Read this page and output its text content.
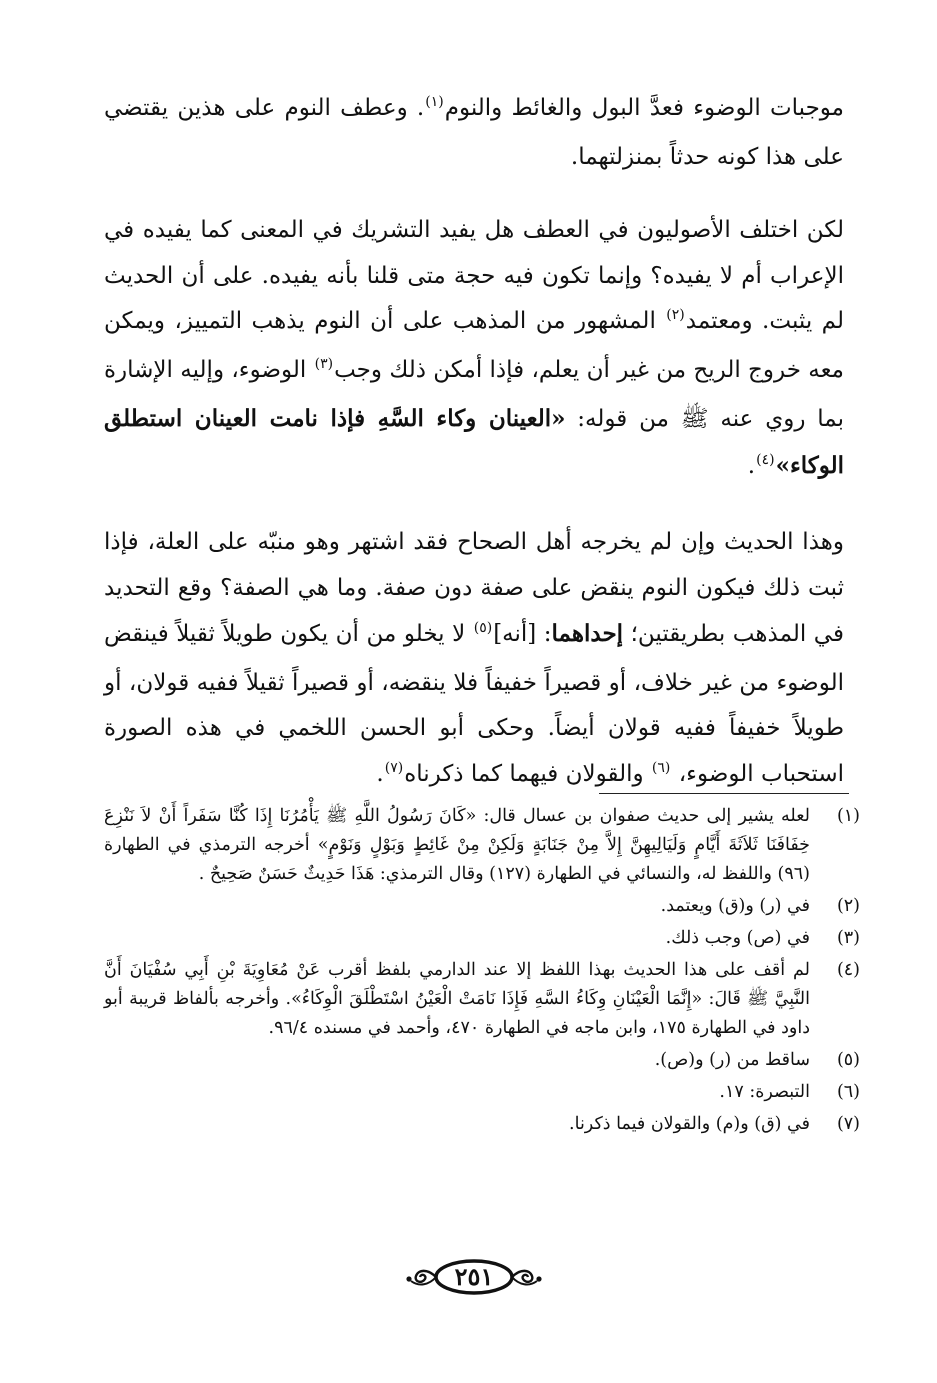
موجبات الوضوء فعدَّ البول والغائط والنوم$^{(١)}$. وعطف النوم على هذين يقتضي على هذا كونه حدثاً بمنزلتهما.

لكن اختلف الأصوليون في العطف هل يفيد التشريك في المعنى كما يفيده في الإعراب أم لا يفيده؟ وإنما تكون فيه حجة متى قلنا بأنه يفيده. على أن الحديث لم يثبت. ومعتمد$^{(٢)}$ المشهور من المذهب على أن النوم يذهب التمييز، ويمكن معه خروج الريح من غير أن يعلم، فإذا أمكن ذلك وجب$^{(٣)}$ الوضوء، وإليه الإشارة بما روي عنه ﷺ من قوله: «العينان وكاء السَّهِ فإذا نامت العينان استطلق الوكاء»$^{(٤)}$.

وهذا الحديث وإن لم يخرجه أهل الصحاح فقد اشتهر وهو منبّه على العلة، فإذا ثبت ذلك فيكون النوم ينقض على صفة دون صفة. وما هي الصفة؟ وقع التحديد في المذهب بطريقتين؛ إحداهما: [أنه]$^{(٥)}$ لا يخلو من أن يكون طويلاً ثقيلاً فينقض الوضوء من غير خلاف، أو قصيراً خفيفاً فلا ينقضه، أو قصيراً ثقيلاً ففيه قولان، أو طويلاً خفيفاً ففيه قولان أيضاً. وحكى أبو الحسن اللخمي في هذه الصورة استحباب الوضوء، $^{(٦)}$ والقولان فيهما كما ذكرناه$^{(٧)}$.

(١)
لعله يشير إلى حديث صفوان بن عسال قال: «كَانَ رَسُولُ اللَّهِ ﷺ يَأْمُرُنَا إِذَا كُنَّا سَفَراً أَنْ لاَ نَنْزِعَ خِفَافَنَا ثَلاَثَةَ أَيَّامٍ وَلَيَالِيهِنَّ إِلاَّ مِنْ جَنَابَةٍ وَلَكِنْ مِنْ غَائِطٍ وَبَوْلٍ وَنَوْمٍ» أخرجه الترمذي في الطهارة (٩٦) واللفظ له، والنسائي في الطهارة (١٢٧) وقال الترمذي: هَذَا حَدِيثٌ حَسَنٌ صَحِيحٌ .
(٢)
في (ر) و(ق) ويعتمد.
(٣)
في (ص) وجب ذلك.
(٤)
لم أقف على هذا الحديث بهذا اللفظ إلا عند الدارمي بلفظ أقرب عَنْ مُعَاوِيَةَ بْنِ أَبِي سُفْيَانَ أَنَّ النَّبِيَّ ﷺ قَالَ: «إِنَّمَا الْعَيْنَانِ وِكَاءُ السَّهِ فَإِذَا نَامَتْ الْعَيْنُ اسْتَطْلَقَ الْوِكَاءُ». وأخرجه بألفاظ قريبة أبو داود في الطهارة ١٧٥، وابن ماجه في الطهارة ٤٧٠، وأحمد في مسنده ٩٦/٤.
(٥)
ساقط من (ر) و(ص).
(٦)
التبصرة: ١٧.
(٧)
في (ق) و(م) والقولان فيما ذكرنا.
٢٥١
